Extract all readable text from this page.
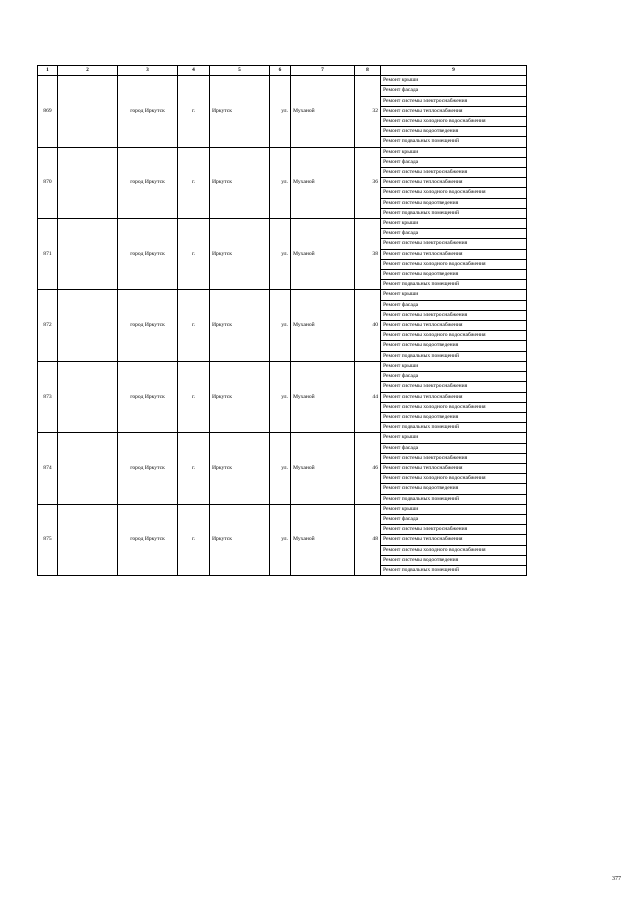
1	2	3	4	5	6	7	8	9
869		город Иркутск	г.	Иркутск	ул.	Муханой	32	Ремонт крыши
								Ремонт фасада
								Ремонт системы электроснабжения
								Ремонт системы теплоснабжения
								Ремонт системы холодного водоснабжения
								Ремонт системы водоотведения
								Ремонт подвальных помещений
870		город Иркутск	г.	Иркутск	ул.	Муханой	36	Ремонт крыши
								Ремонт фасада
								Ремонт системы электроснабжения
								Ремонт системы теплоснабжения
								Ремонт системы холодного водоснабжения
								Ремонт системы водоотведения
								Ремонт подвальных помещений
871		город Иркутск	г.	Иркутск	ул.	Муханой	38	Ремонт крыши
								Ремонт фасада
								Ремонт системы электроснабжения
								Ремонт системы теплоснабжения
								Ремонт системы холодного водоснабжения
								Ремонт системы водоотведения
								Ремонт подвальных помещений
872		город Иркутск	г.	Иркутск	ул.	Муханой	40	Ремонт крыши
								Ремонт фасада
								Ремонт системы электроснабжения
								Ремонт системы теплоснабжения
								Ремонт системы холодного водоснабжения
								Ремонт системы водоотведения
								Ремонт подвальных помещений
873		город Иркутск	г.	Иркутск	ул.	Муханой	44	Ремонт крыши
								Ремонт фасада
								Ремонт системы электроснабжения
								Ремонт системы теплоснабжения
								Ремонт системы холодного водоснабжения
								Ремонт системы водоотведения
								Ремонт подвальных помещений
874		город Иркутск	г.	Иркутск	ул.	Муханой	46	Ремонт крыши
								Ремонт фасада
								Ремонт системы электроснабжения
								Ремонт системы теплоснабжения
								Ремонт системы холодного водоснабжения
								Ремонт системы водоотведения
								Ремонт подвальных помещений
875		город Иркутск	г.	Иркутск	ул.	Муханой	48	Ремонт крыши
								Ремонт фасада
								Ремонт системы электроснабжения
								Ремонт системы теплоснабжения
								Ремонт системы холодного водоснабжения
								Ремонт системы водоотведения
								Ремонт подвальных помещений
377
